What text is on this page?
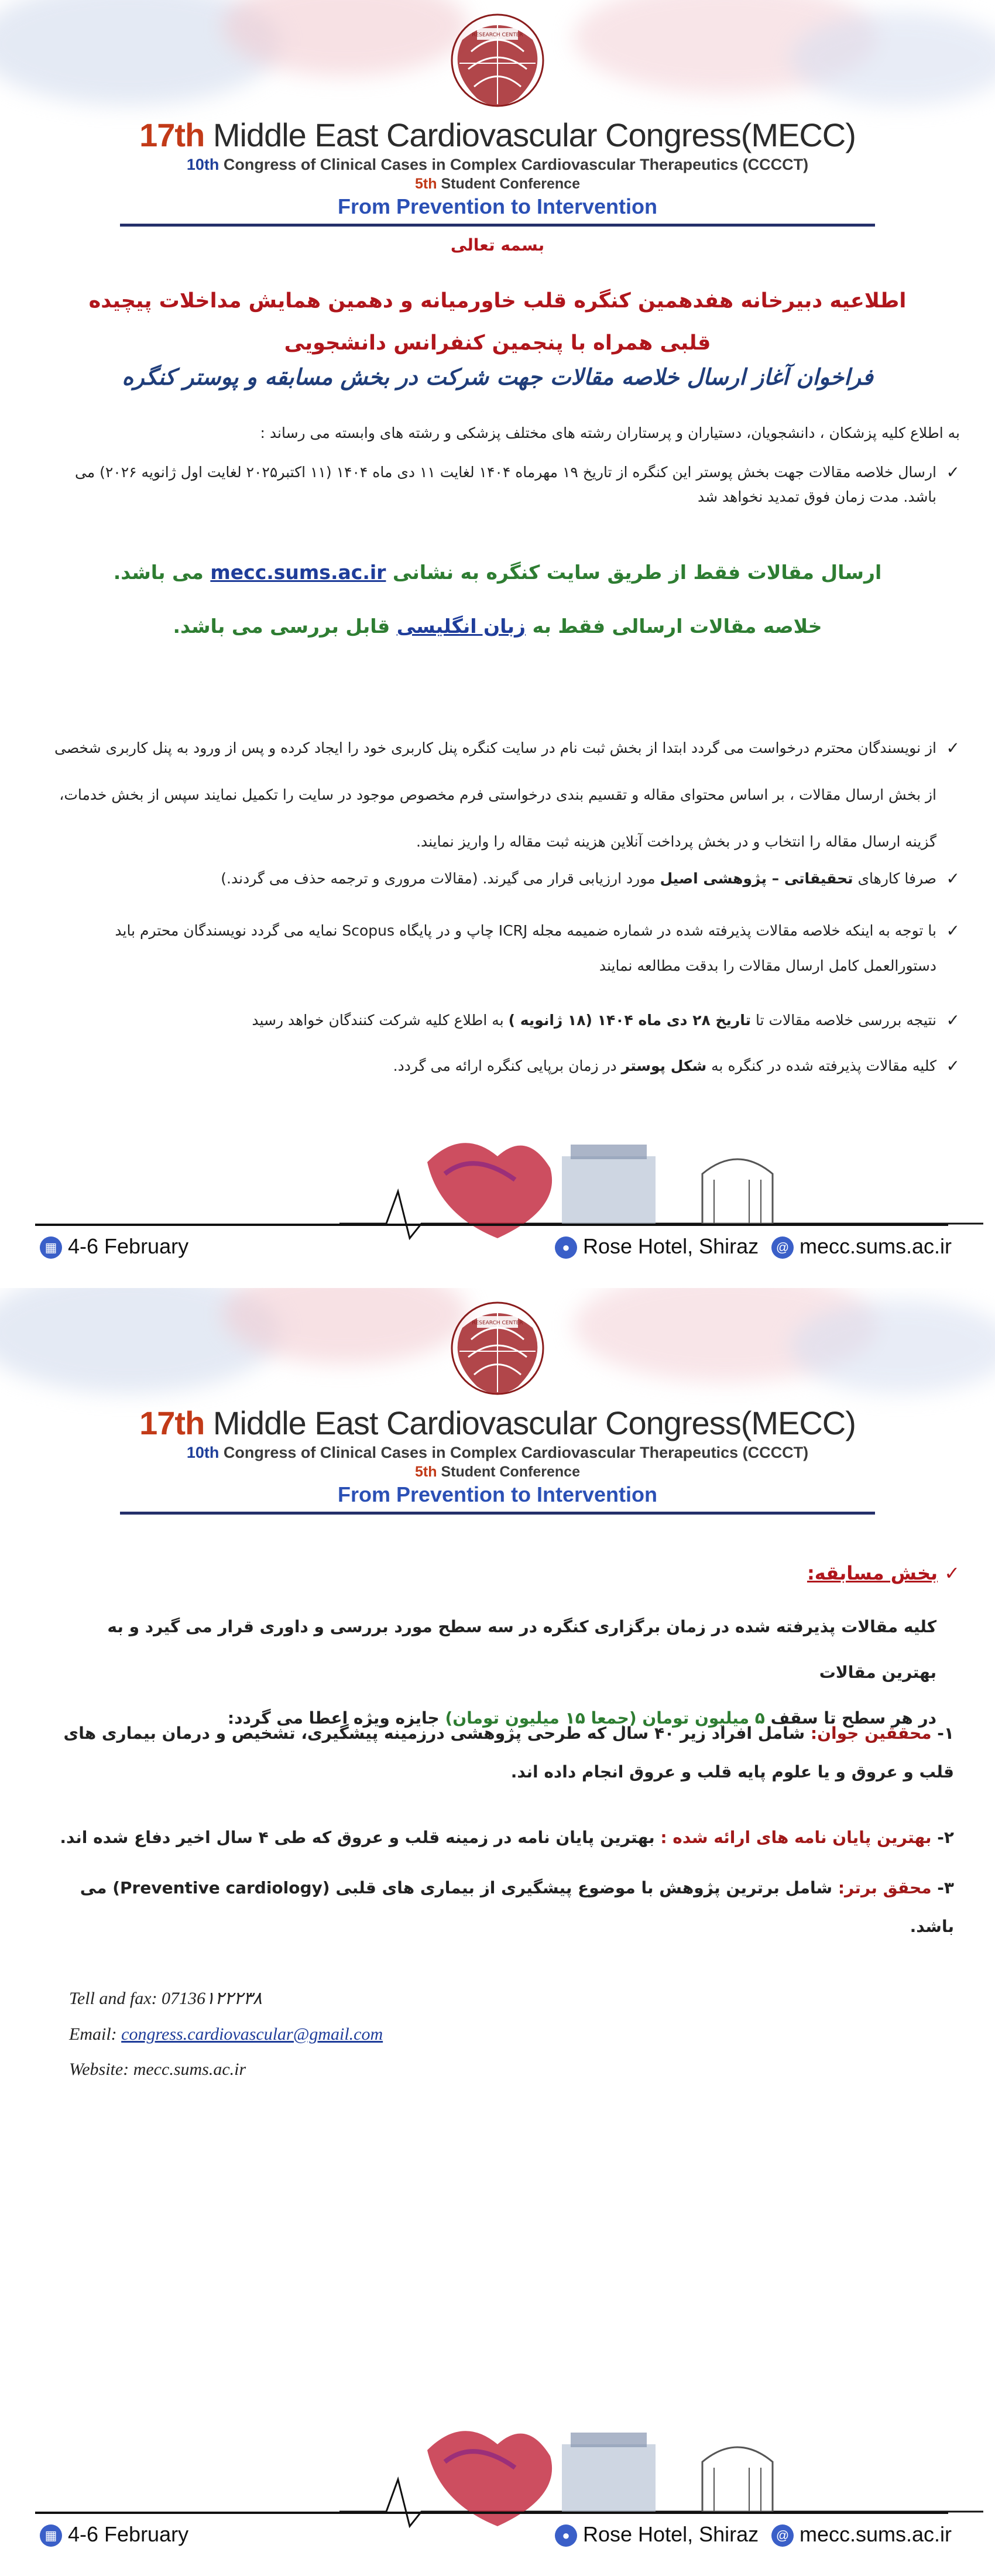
RESEARCH CENTER
17th Middle East Cardiovascular Congress(MECC)
10th Congress of Clinical Cases in Complex Cardiovascular Therapeutics (CCCCT)
5th Student Conference
From Prevention to Intervention
بسمه تعالی
اطلاعیه دبیرخانه هفدهمین کنگره قلب خاورمیانه و دهمین همایش مداخلات پیچیده قلبی همراه با پنجمین کنفرانس دانشجویی
فراخوان آغاز ارسال خلاصه مقالات جهت شرکت در بخش مسابقه و پوستر کنگره
به اطلاع کلیه پزشکان ، دانشجویان، دستیاران و پرستاران رشته های مختلف پزشکی و رشته های وابسته می رساند :
✓
ارسال خلاصه مقالات جهت بخش پوستر این کنگره از تاریخ ۱۹ مهرماه ۱۴۰۴ لغایت ۱۱ دی ماه ۱۴۰۴ (۱۱ اکتبر۲۰۲۵ لغایت اول ژانویه ۲۰۲۶) می باشد. مدت زمان فوق تمدید نخواهد شد
ارسال مقالات فقط از طریق سایت کنگره به نشانی mecc.sums.ac.ir می باشد.
خلاصه مقالات ارسالی فقط به زبان انگلیسی قابل بررسی می باشد.
✓
از نویسندگان محترم درخواست می گردد ابتدا از بخش ثبت نام در سایت کنگره پنل کاربری خود را ایجاد کرده و پس از ورود به پنل کاربری شخصی از بخش ارسال مقالات ، بر اساس محتوای مقاله و تقسیم بندی درخواستی فرم مخصوص موجود در سایت را تکمیل نمایند سپس از بخش خدمات، گزینه ارسال مقاله را انتخاب و در بخش پرداخت آنلاین هزینه ثبت مقاله را واریز نمایند.
✓
صرفا کارهای تحقیقاتی – پژوهشی اصیل مورد ارزیابی قرار می گیرند. (مقالات مروری و ترجمه حذف می گردند.)
✓
با توجه به اینکه خلاصه مقالات پذیرفته شده در شماره ضمیمه مجله ICRJ چاپ و در پایگاه Scopus نمایه می گردد نویسندگان محترم باید دستورالعمل کامل ارسال مقالات را بدقت مطالعه نمایند
✓
نتیجه بررسی خلاصه مقالات تا تاریخ ۲۸ دی ماه ۱۴۰۴ (۱۸ ژانویه ) به اطلاع کلیه شرکت کنندگان خواهد رسید
✓
کلیه مقالات پذیرفته شده در کنگره به شکل پوستر در زمان برپایی کنگره ارائه می گردد.
▦ 4-6 February	● Rose Hotel, Shiraz	@ mecc.sums.ac.ir
RESEARCH CENTER
17th Middle East Cardiovascular Congress(MECC)
10th Congress of Clinical Cases in Complex Cardiovascular Therapeutics (CCCCT)
5th Student Conference
From Prevention to Intervention
✓ بخش مسابقه:
کلیه مقالات پذیرفته شده در زمان برگزاری کنگره در سه سطح مورد بررسی و داوری قرار می گیرد و به بهترین مقالات
در هر سطح تا سقف ۵ میلیون تومان (جمعا ۱۵ میلیون تومان) جایزه ویژه اعطا می گردد:
۱- محققین جوان: شامل افراد زیر ۴۰ سال که طرحی پژوهشی درزمینه پیشگیری، تشخیص و درمان بیماری های قلب و عروق و یا علوم پایه قلب و عروق انجام داده اند.
۲- بهترین پایان نامه های ارائه شده : بهترین پایان نامه در زمینه قلب و عروق که طی ۴ سال اخیر دفاع شده اند.
۳- محقق برتر: شامل برترین پژوهش با موضوع پیشگیری از بیماری های قلبی (Preventive cardiology) می باشد.
Tell and fax: 07136۱۲۲۲۳۸
Email: congress.cardiovascular@gmail.com
Website: mecc.sums.ac.ir
▦ 4-6 February	● Rose Hotel, Shiraz	@ mecc.sums.ac.ir
